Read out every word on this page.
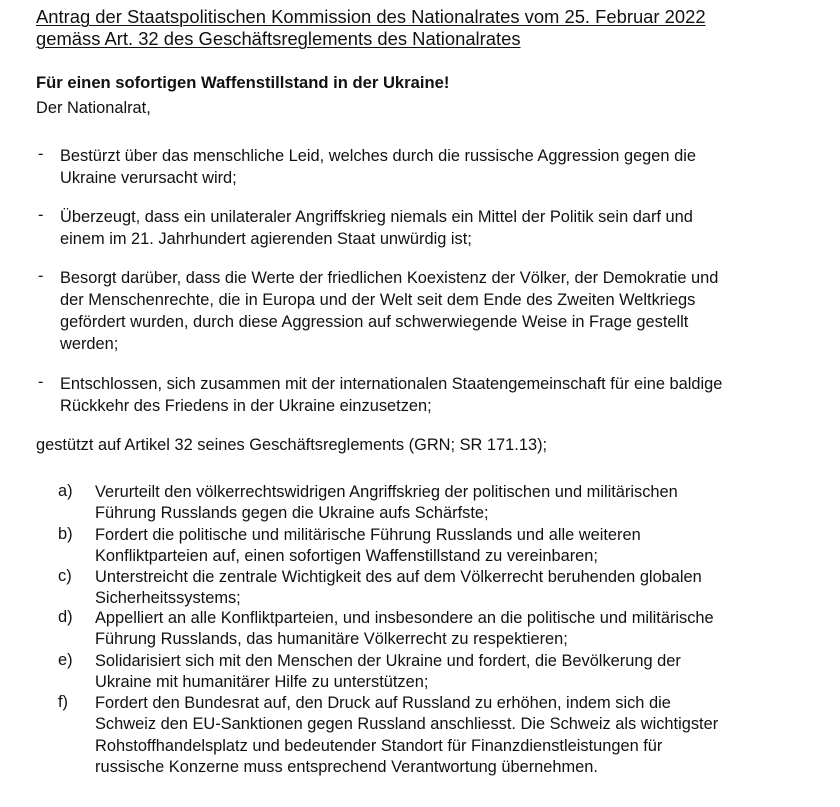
Antrag der Staatspolitischen Kommission des Nationalrates vom 25. Februar 2022
gemäss Art. 32 des Geschäftsreglements des Nationalrates
Für einen sofortigen Waffenstillstand in der Ukraine!
Der Nationalrat,
- Bestürzt über das menschliche Leid, welches durch die russische Aggression gegen die
Ukraine verursacht wird;
- Überzeugt, dass ein unilateraler Angriffskrieg niemals ein Mittel der Politik sein darf und
einem im 21. Jahrhundert agierenden Staat unwürdig ist;
- Besorgt darüber, dass die Werte der friedlichen Koexistenz der Völker, der Demokratie und
der Menschenrechte, die in Europa und der Welt seit dem Ende des Zweiten Weltkriegs
gefördert wurden, durch diese Aggression auf schwerwiegende Weise in Frage gestellt
werden;
- Entschlossen, sich zusammen mit der internationalen Staatengemeinschaft für eine baldige
Rückkehr des Friedens in der Ukraine einzusetzen;
gestützt auf Artikel 32 seines Geschäftsreglements (GRN; SR 171.13);
a) Verurteilt den völkerrechtswidrigen Angriffskrieg der politischen und militärischen
Führung Russlands gegen die Ukraine aufs Schärfste;
b) Fordert die politische und militärische Führung Russlands und alle weiteren
Konfliktparteien auf, einen sofortigen Waffenstillstand zu vereinbaren;
c) Unterstreicht die zentrale Wichtigkeit des auf dem Völkerrecht beruhenden globalen
Sicherheitssystems;
d) Appelliert an alle Konfliktparteien, und insbesondere an die politische und militärische
Führung Russlands, das humanitäre Völkerrecht zu respektieren;
e) Solidarisiert sich mit den Menschen der Ukraine und fordert, die Bevölkerung der
Ukraine mit humanitärer Hilfe zu unterstützen;
f) Fordert den Bundesrat auf, den Druck auf Russland zu erhöhen, indem sich die
Schweiz den EU-Sanktionen gegen Russland anschliesst. Die Schweiz als wichtigster
Rohstoffhandelsplatz und bedeutender Standort für Finanzdienstleistungen für
russische Konzerne muss entsprechend Verantwortung übernehmen.
